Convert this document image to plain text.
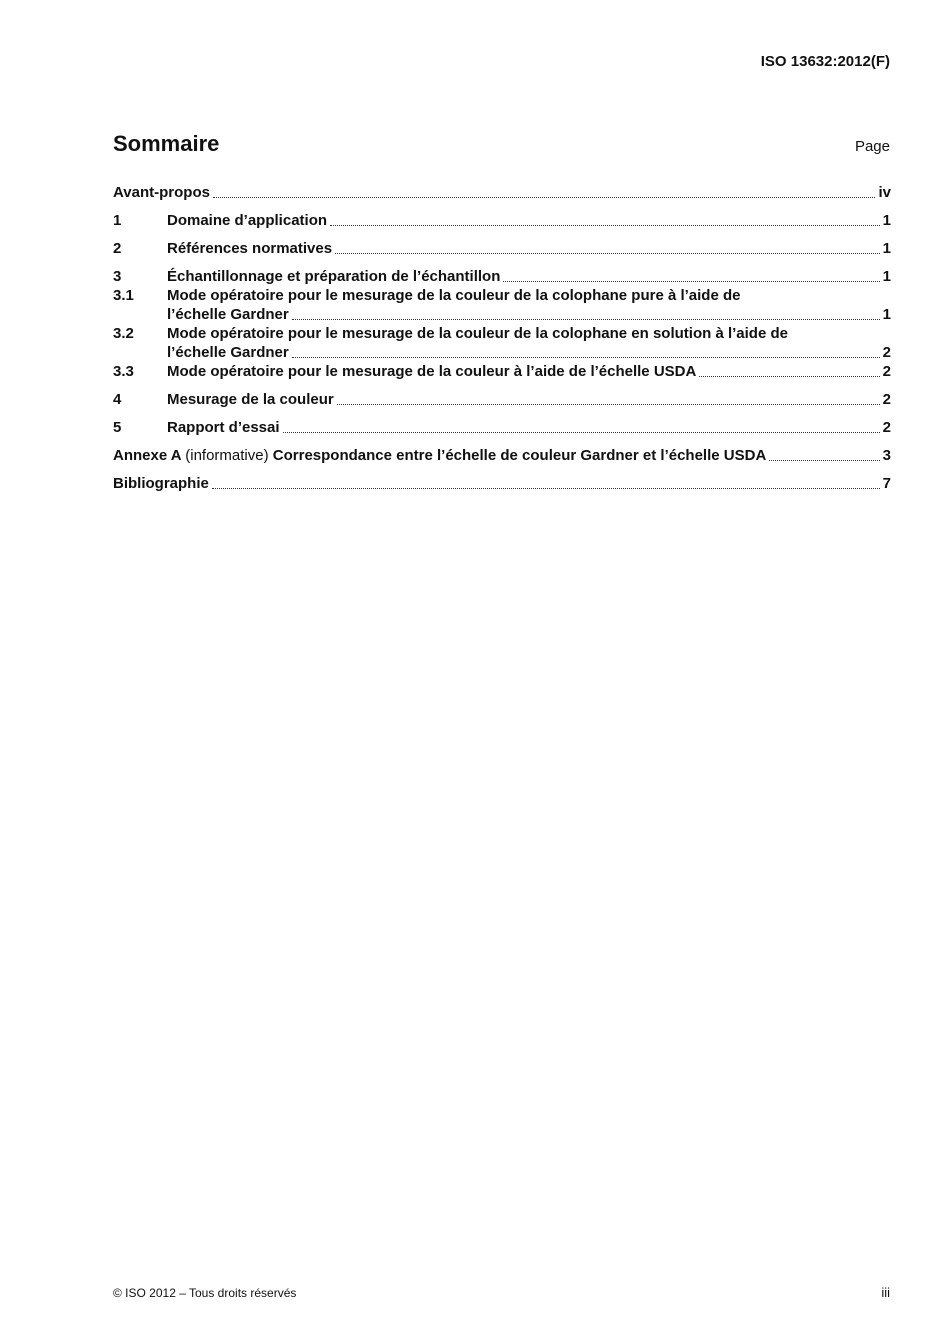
ISO 13632:2012(F)
Sommaire	Page
Avant-propos	iv
1	Domaine d’application	1
2	Références normatives	1
3	Échantillonnage et préparation de l’échantillon	1
3.1	Mode opératoire pour le mesurage de la couleur de la colophane pure à l’aide de
l’échelle Gardner	1
3.2	Mode opératoire pour le mesurage de la couleur de la colophane en solution à l’aide de
l’échelle Gardner	2
3.3	Mode opératoire pour le mesurage de la couleur à l’aide de l’échelle USDA	2
4	Mesurage de la couleur	2
5	Rapport d’essai	2
Annexe A (informative) Correspondance entre l’échelle de couleur Gardner et l’échelle USDA	3
Bibliographie	7
© ISO 2012 – Tous droits réservés	iii
